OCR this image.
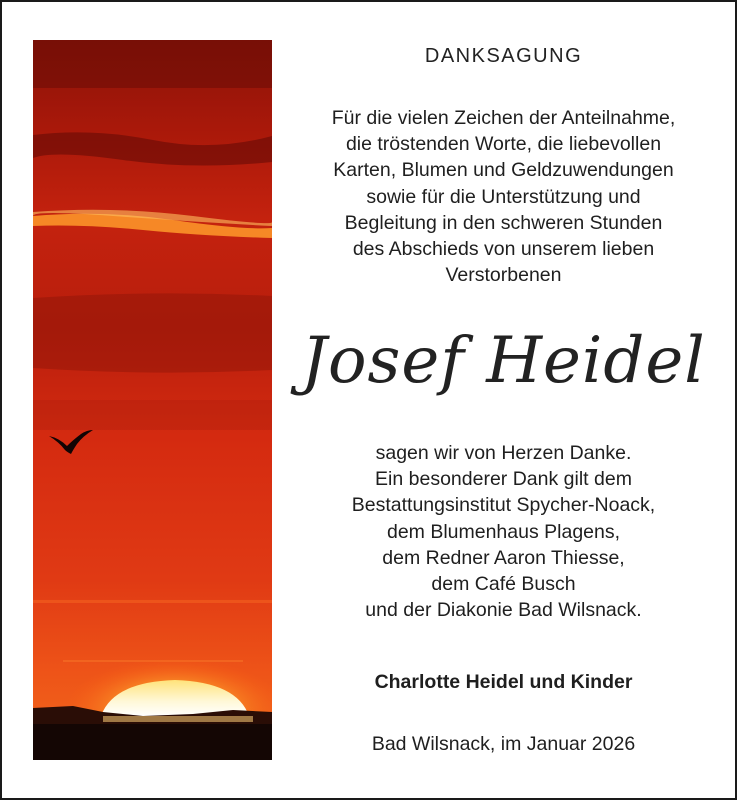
DANKSAGUNG
Für die vielen Zeichen der Anteilnahme,
die tröstenden Worte, die liebevollen
Karten, Blumen und Geldzuwendungen
sowie für die Unterstützung und
Begleitung in den schweren Stunden
des Abschieds von unserem lieben
Verstorbenen
Josef Heidel
sagen wir von Herzen Danke.
Ein besonderer Dank gilt dem
Bestattungsinstitut Spycher-Noack,
dem Blumenhaus Plagens,
dem Redner Aaron Thiesse,
dem Café Busch
und der Diakonie Bad Wilsnack.
Charlotte Heidel und Kinder
Bad Wilsnack, im Januar 2026
